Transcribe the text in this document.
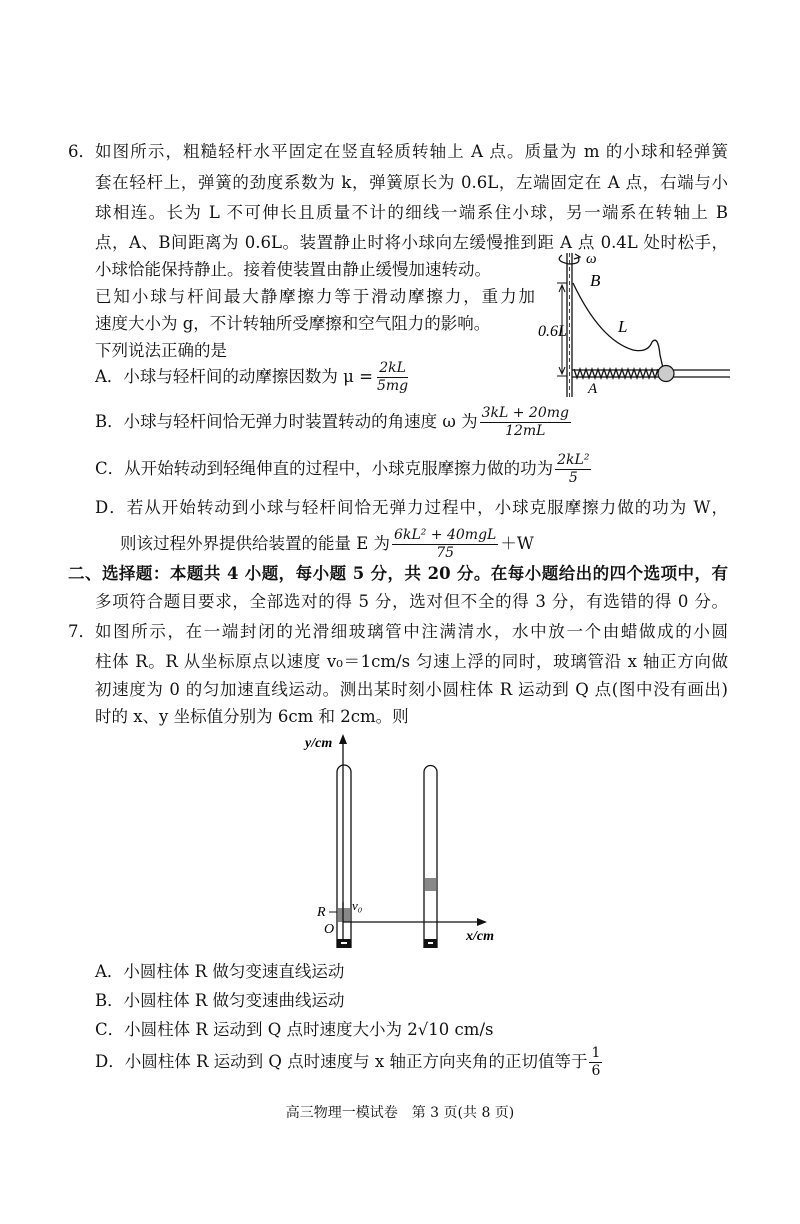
6． 如图所示，粗糙轻杆水平固定在竖直轻质转轴上 A 点。质量为 m 的小球和轻弹簧
套在轻杆上，弹簧的劲度系数为 k，弹簧原长为 0.6L，左端固定在 A 点，右端与小
球相连。长为 L 不可伸长且质量不计的细线一端系住小球，另一端系在转轴上 B
点，A、B间距离为 0.6L。装置静止时将小球向左缓慢推到距 A 点 0.4L 处时松手，
小球恰能保持静止。接着使装置由静止缓慢加速转动。
已知小球与杆间最大静摩擦力等于滑动摩擦力，重力加
速度大小为 g，不计转轴所受摩擦和空气阻力的影响。
下列说法正确的是
A．小球与轻杆间的动摩擦因数为 $\mu = \frac{2kL}{5mg}$
B．小球与轻杆间恰无弹力时装置转动的角速度 ω 为 $\frac{3kL + 20mg}{12mL}$
C．从开始转动到轻绳伸直的过程中，小球克服摩擦力做的功为 $\frac{\text{2kL²}}{5}$
D．若从开始转动到小球与轻杆间恰无弹力过程中，小球克服摩擦力做的功为 W，
则该过程外界提供给装置的能量 E 为 $\frac{\text{6kL² + 40mgL}}{75} +W$
ω
B
0.6L	L
A
二、选择题：本题共 4 小题，每小题 5 分，共 20 分。在每小题给出的四个选项中，有
多项符合题目要求，全部选对的得 5 分，选对但不全的得 3 分，有选错的得 0 分。
7． 如图所示，在一端封闭的光滑细玻璃管中注满清水，水中放一个由蜡做成的小圆
柱体 R。R 从坐标原点以速度 v₀＝1cm/s 匀速上浮的同时，玻璃管沿 x 轴正方向做
初速度为 0 的匀加速直线运动。测出某时刻小圆柱体 R 运动到 Q 点(图中没有画出)
时的 x、y 坐标值分别为 6cm 和 2cm。则
y/cm
x/cm
v₀
R
O
A．小圆柱体 R 做匀变速直线运动
B．小圆柱体 R 做匀变速曲线运动
C．小圆柱体 R 运动到 Q 点时速度大小为 2√10 cm/s
D．小圆柱体 R 运动到 Q 点时速度与 x 轴正方向夹角的正切值等于 $\frac{1}{6}$
高三物理一模试卷　第 3 页(共 8 页)
